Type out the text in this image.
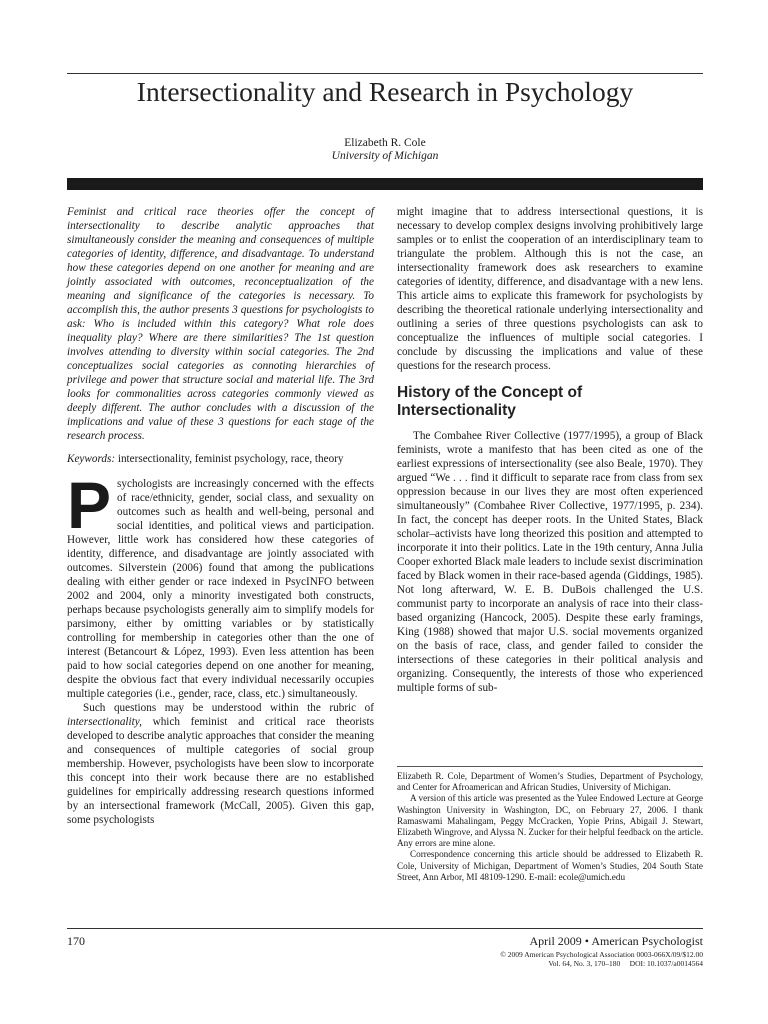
Intersectionality and Research in Psychology
Elizabeth R. Cole
University of Michigan

Feminist and critical race theories offer the concept of intersectionality to describe analytic approaches that simultaneously consider the meaning and consequences of multiple categories of identity, difference, and disadvantage. To understand how these categories depend on one another for meaning and are jointly associated with outcomes, reconceptualization of the meaning and significance of the categories is necessary. To accomplish this, the author presents 3 questions for psychologists to ask: Who is included within this category? What role does inequality play? Where are there similarities? The 1st question involves attending to diversity within social categories. The 2nd conceptualizes social categories as connoting hierarchies of privilege and power that structure social and material life. The 3rd looks for commonalities across categories commonly viewed as deeply different. The author concludes with a discussion of the implications and value of these 3 questions for each stage of the research process.

Keywords: intersectionality, feminist psychology, race, theory

P sychologists are increasingly concerned with the effects of race/ethnicity, gender, social class, and sexuality on outcomes such as health and well-being, personal and social identities, and political views and participation. However, little work has considered how these categories of identity, difference, and disadvantage are jointly associated with outcomes. Silverstein (2006) found that among the publications dealing with either gender or race indexed in PsycINFO between 2002 and 2004, only a minority investigated both constructs, perhaps because psychologists generally aim to simplify models for parsimony, either by omitting variables or by statistically controlling for membership in categories other than the one of interest (Betancourt & López, 1993). Even less attention has been paid to how social categories depend on one another for meaning, despite the obvious fact that every individual necessarily occupies multiple categories (i.e., gender, race, class, etc.) simultaneously.

Such questions may be understood within the rubric of intersectionality, which feminist and critical race theorists developed to describe analytic approaches that consider the meaning and consequences of multiple categories of social group membership. However, psychologists have been slow to incorporate this concept into their work because there are no established guidelines for empirically addressing research questions informed by an intersectional framework (McCall, 2005). Given this gap, some psychologists

might imagine that to address intersectional questions, it is necessary to develop complex designs involving prohibitively large samples or to enlist the cooperation of an interdisciplinary team to triangulate the problem. Although this is not the case, an intersectionality framework does ask researchers to examine categories of identity, difference, and disadvantage with a new lens. This article aims to explicate this framework for psychologists by describing the theoretical rationale underlying intersectionality and outlining a series of three questions psychologists can ask to conceptualize the influences of multiple social categories. I conclude by discussing the implications and value of these questions for the research process.

History of the Concept of Intersectionality

The Combahee River Collective (1977/1995), a group of Black feminists, wrote a manifesto that has been cited as one of the earliest expressions of intersectionality (see also Beale, 1970). They argued “We . . . find it difficult to separate race from class from sex oppression because in our lives they are most often experienced simultaneously” (Combahee River Collective, 1977/1995, p. 234). In fact, the concept has deeper roots. In the United States, Black scholar–activists have long theorized this position and attempted to incorporate it into their politics. Late in the 19th century, Anna Julia Cooper exhorted Black male leaders to include sexist discrimination faced by Black women in their race-based agenda (Giddings, 1985). Not long afterward, W. E. B. DuBois challenged the U.S. communist party to incorporate an analysis of race into their class-based organizing (Hancock, 2005). Despite these early framings, King (1988) showed that major U.S. social movements organized on the basis of race, class, and gender failed to consider the intersections of these categories in their political analysis and organizing. Consequently, the interests of those who experienced multiple forms of sub-

Elizabeth R. Cole, Department of Women’s Studies, Department of Psychology, and Center for Afroamerican and African Studies, University of Michigan.

A version of this article was presented as the Yulee Endowed Lecture at George Washington University in Washington, DC, on February 27, 2006. I thank Ramaswami Mahalingam, Peggy McCracken, Yopie Prins, Abigail J. Stewart, Elizabeth Wingrove, and Alyssa N. Zucker for their helpful feedback on the article. Any errors are mine alone.

Correspondence concerning this article should be addressed to Elizabeth R. Cole, University of Michigan, Department of Women’s Studies, 204 South State Street, Ann Arbor, MI 48109-1290. E-mail: ecole@umich.edu

170	April 2009 • American Psychologist
© 2009 American Psychological Association 0003-066X/09/$12.00
Vol. 64, No. 3, 170–180     DOI: 10.1037/a0014564
